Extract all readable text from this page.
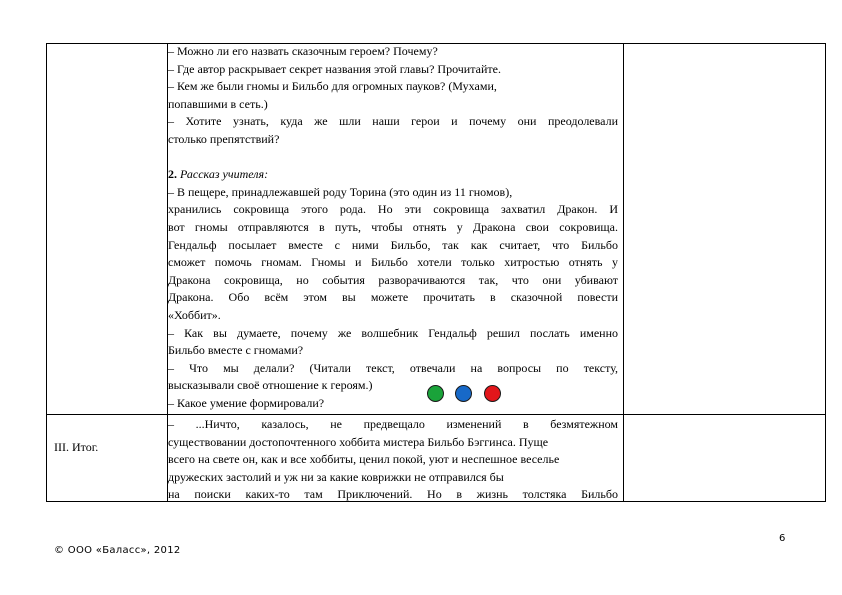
– Можно ли его назвать сказочным героем? Почему?
– Где автор раскрывает секрет названия этой главы? Прочитайте.
– Кем же были гномы и Бильбо для огромных пауков? (Мухами,
попавшими в сеть.)
– Хотите узнать, куда же шли наши герои и почему они преодолевали
столько препятствий?
2. Рассказ учителя:
– В пещере, принадлежавшей роду Торина (это один из 11 гномов),
хранились сокровища этого рода. Но эти сокровища захватил Дракон. И
вот гномы отправляются в путь, чтобы отнять у Дракона свои сокровища.
Гендальф посылает вместе с ними Бильбо, так как считает, что Бильбо
сможет помочь гномам. Гномы и Бильбо хотели только хитростью отнять у
Дракона сокровища, но события разворачиваются так, что они убивают
Дракона. Обо всём этом вы можете прочитать в сказочной повести
«Хоббит».
– Как вы думаете, почему же волшебник Гендальф решил послать именно
Бильбо вместе с гномами?
– Что мы делали? (Читали текст, отвечали на вопросы по тексту,
высказывали своё отношение к героям.)
– Какое умение формировали?
III. Итог.
– ...Ничто, казалось, не предвещало изменений в безмятежном
существовании достопочтенного хоббита мистера Бильбо Бэггинса. Пуще
всего на свете он, как и все хоббиты, ценил покой, уют и неспешное веселье
дружеских застолий и уж ни за какие коврижки не отправился бы
на поиски каких-то там Приключений. Но в жизнь толстяка Бильбо
6
© ООО «Баласс», 2012
